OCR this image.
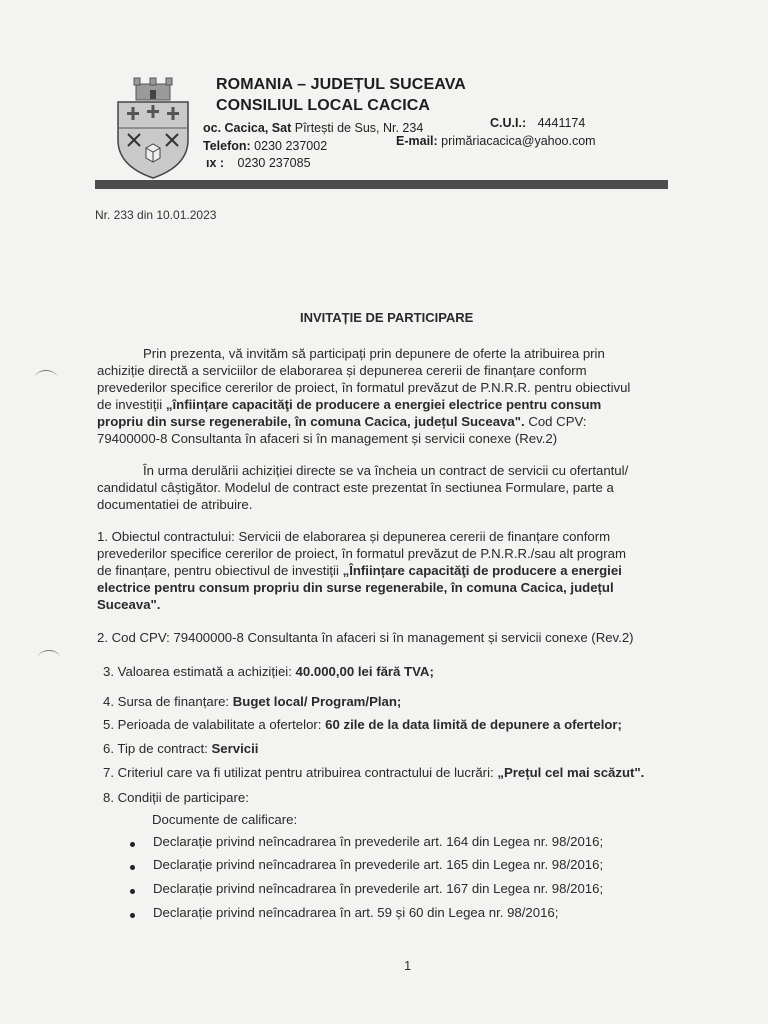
ROMANIA – JUDEȚUL SUCEAVA
CONSILIUL LOCAL CACICA
oc. Cacica, Sat Pîrtești de Sus, Nr. 234	C.U.I.: 4441174
Telefon: 0230 237002	E-mail: primăriacacica@yahoo.com
ıx : 0230 237085
Nr. 233 din 10.01.2023
INVITAȚIE DE PARTICIPARE
Prin prezenta, vă invităm să participați prin depunere de oferte la atribuirea prin
achiziție directă a serviciilor de elaborarea și depunerea cererii de finanțare conform
prevederilor specifice cererilor de proiect, în formatul prevăzut de P.N.R.R. pentru obiectivul
de investiții „înființare capacităţi de producere a energiei electrice pentru consum
propriu din surse regenerabile, în comuna Cacica, județul Suceava". Cod CPV:
79400000-8 Consultanta în afaceri si în management și servicii conexe (Rev.2)
În urma derulării achiziției directe se va încheia un contract de servicii cu ofertantul/
candidatul câștigător. Modelul de contract este prezentat în sectiunea Formulare, parte a
documentatiei de atribuire.
1. Obiectul contractului: Servicii de elaborarea și depunerea cererii de finanțare conform
prevederilor specifice cererilor de proiect, în formatul prevăzut de P.N.R.R./sau alt program
de finanțare, pentru obiectivul de investiții „Înființare capacităţi de producere a energiei
electrice pentru consum propriu din surse regenerabile, în comuna Cacica, județul
Suceava".
2. Cod CPV: 79400000-8 Consultanta în afaceri si în management și servicii conexe (Rev.2)
3. Valoarea estimată a achiziției: 40.000,00 lei fără TVA;
4. Sursa de finanțare: Buget local/ Program/Plan;
5. Perioada de valabilitate a ofertelor: 60 zile de la data limită de depunere a ofertelor;
6. Tip de contract: Servicii
7. Criteriul care va fi utilizat pentru atribuirea contractului de lucrări: „Prețul cel mai scăzut".
8. Condiții de participare:
Documente de calificare:
Declarație privind neîncadrarea în prevederile art. 164 din Legea nr. 98/2016;
Declarație privind neîncadrarea în prevederile art. 165 din Legea nr. 98/2016;
Declarație privind neîncadrarea în prevederile art. 167 din Legea nr. 98/2016;
Declarație privind neîncadrarea în art. 59 și 60 din Legea nr. 98/2016;
1
